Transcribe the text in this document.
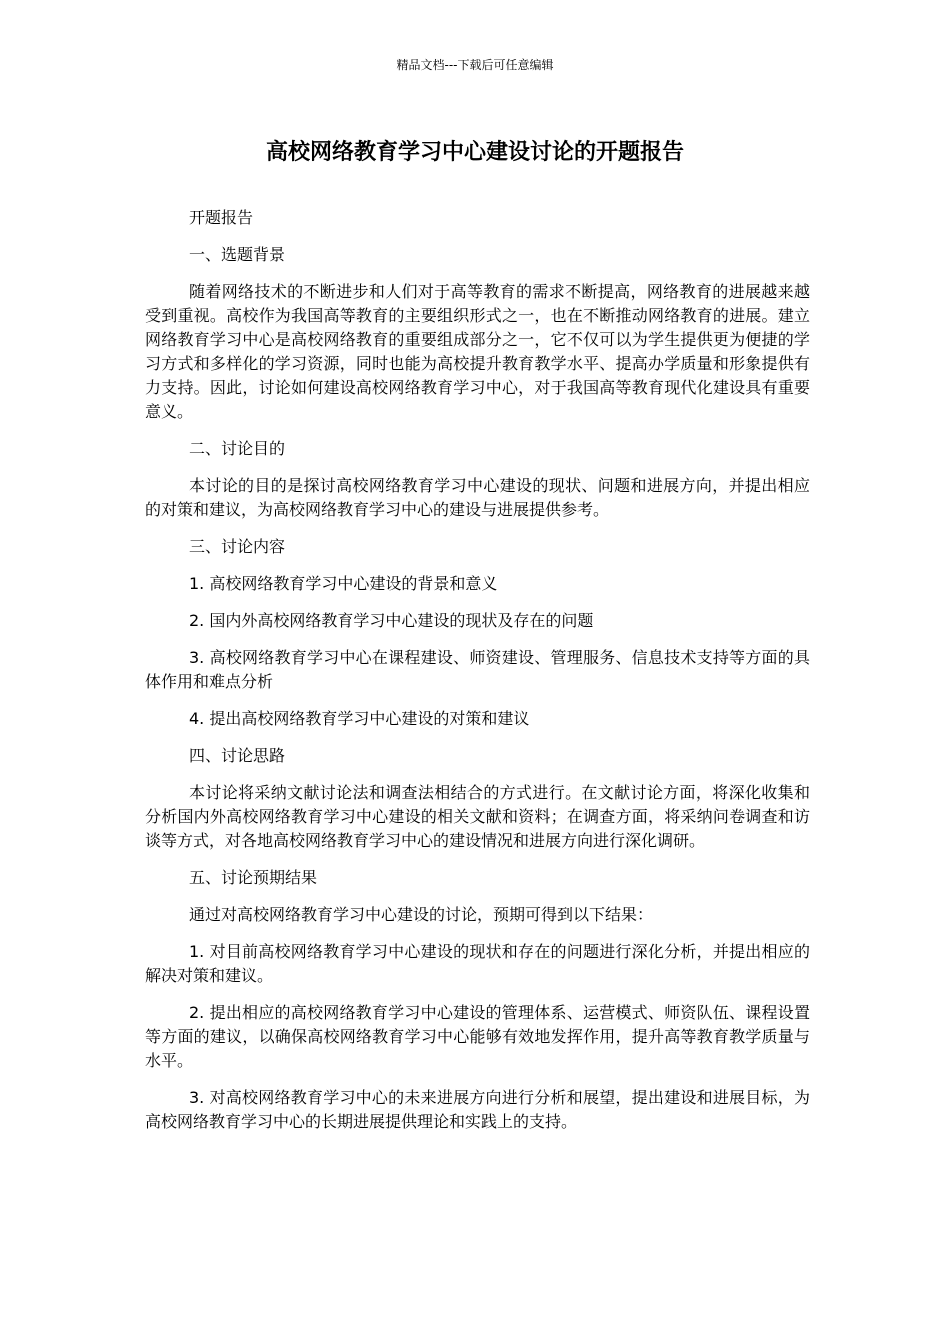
精品文档---下载后可任意编辑
高校网络教育学习中心建设讨论的开题报告

开题报告

一、选题背景

随着网络技术的不断进步和人们对于高等教育的需求不断提高，网络教育的进展越来越受到重视。高校作为我国高等教育的主要组织形式之一，也在不断推动网络教育的进展。建立网络教育学习中心是高校网络教育的重要组成部分之一，它不仅可以为学生提供更为便捷的学习方式和多样化的学习资源，同时也能为高校提升教育教学水平、提高办学质量和形象提供有力支持。因此，讨论如何建设高校网络教育学习中心，对于我国高等教育现代化建设具有重要意义。

二、讨论目的

本讨论的目的是探讨高校网络教育学习中心建设的现状、问题和进展方向，并提出相应的对策和建议，为高校网络教育学习中心的建设与进展提供参考。

三、讨论内容

1. 高校网络教育学习中心建设的背景和意义

2. 国内外高校网络教育学习中心建设的现状及存在的问题

3. 高校网络教育学习中心在课程建设、师资建设、管理服务、信息技术支持等方面的具体作用和难点分析

4. 提出高校网络教育学习中心建设的对策和建议

四、讨论思路

本讨论将采纳文献讨论法和调查法相结合的方式进行。在文献讨论方面，将深化收集和分析国内外高校网络教育学习中心建设的相关文献和资料；在调查方面，将采纳问卷调查和访谈等方式，对各地高校网络教育学习中心的建设情况和进展方向进行深化调研。

五、讨论预期结果

通过对高校网络教育学习中心建设的讨论，预期可得到以下结果：

1. 对目前高校网络教育学习中心建设的现状和存在的问题进行深化分析，并提出相应的解决对策和建议。

2. 提出相应的高校网络教育学习中心建设的管理体系、运营模式、师资队伍、课程设置等方面的建议，以确保高校网络教育学习中心能够有效地发挥作用，提升高等教育教学质量与水平。

3. 对高校网络教育学习中心的未来进展方向进行分析和展望，提出建设和进展目标，为高校网络教育学习中心的长期进展提供理论和实践上的支持。
